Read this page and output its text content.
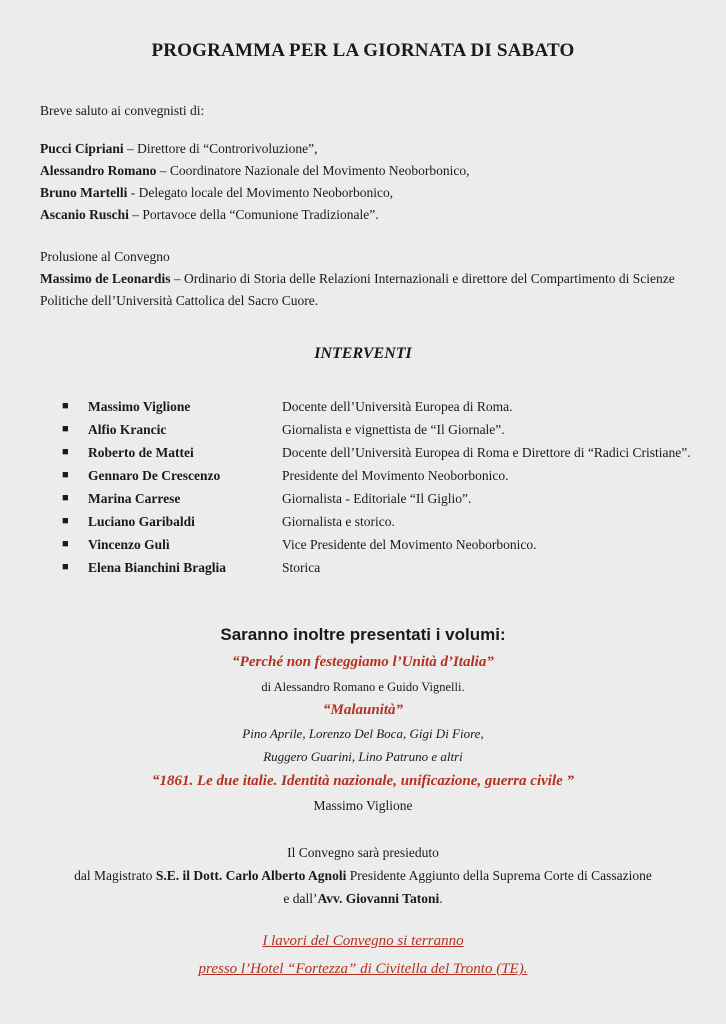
PROGRAMMA PER LA GIORNATA DI SABATO
Breve saluto ai convegnisti di:
Pucci Cipriani – Direttore di “Controrivoluzione”,
Alessandro Romano – Coordinatore Nazionale del Movimento Neoborbonico,
Bruno Martelli - Delegato locale del Movimento Neoborbonico,
Ascanio Ruschi – Portavoce della “Comunione Tradizionale”.
Prolusione al Convegno
Massimo de Leonardis – Ordinario di Storia delle Relazioni Internazionali e direttore del Compartimento di Scienze Politiche dell’Università Cattolica del Sacro Cuore.
INTERVENTI
■	Massimo Viglione	Docente dell’Università Europea di Roma.
■	Alfio Krancic	Giornalista e vignettista de “Il Giornale”.
■	Roberto de Mattei	Docente dell’Università Europea di Roma e Direttore di “Radici Cristiane”.
■	Gennaro De Crescenzo	Presidente del Movimento Neoborbonico.
■	Marina Carrese	Giornalista - Editoriale “Il Giglio”.
■	Luciano Garibaldi	Giornalista e storico.
■	Vincenzo Gulì	Vice Presidente del Movimento Neoborbonico.
■	Elena Bianchini Braglia	Storica
Saranno inoltre presentati i volumi:
“Perché non festeggiamo l’Unità d’Italia”
di Alessandro Romano e Guido Vignelli.
“Malaunità”
Pino Aprile, Lorenzo Del Boca, Gigi Di Fiore,
Ruggero Guarini, Lino Patruno e altri
“1861. Le due italie. Identità nazionale, unificazione, guerra civile ”
Massimo Viglione
Il Convegno sarà presieduto
dal Magistrato S.E. il Dott. Carlo Alberto Agnoli Presidente Aggiunto della Suprema Corte di Cassazione
e dall’Avv. Giovanni Tatoni.
I lavori del Convegno si terranno
presso l’Hotel “Fortezza” di Civitella del Tronto (TE).
